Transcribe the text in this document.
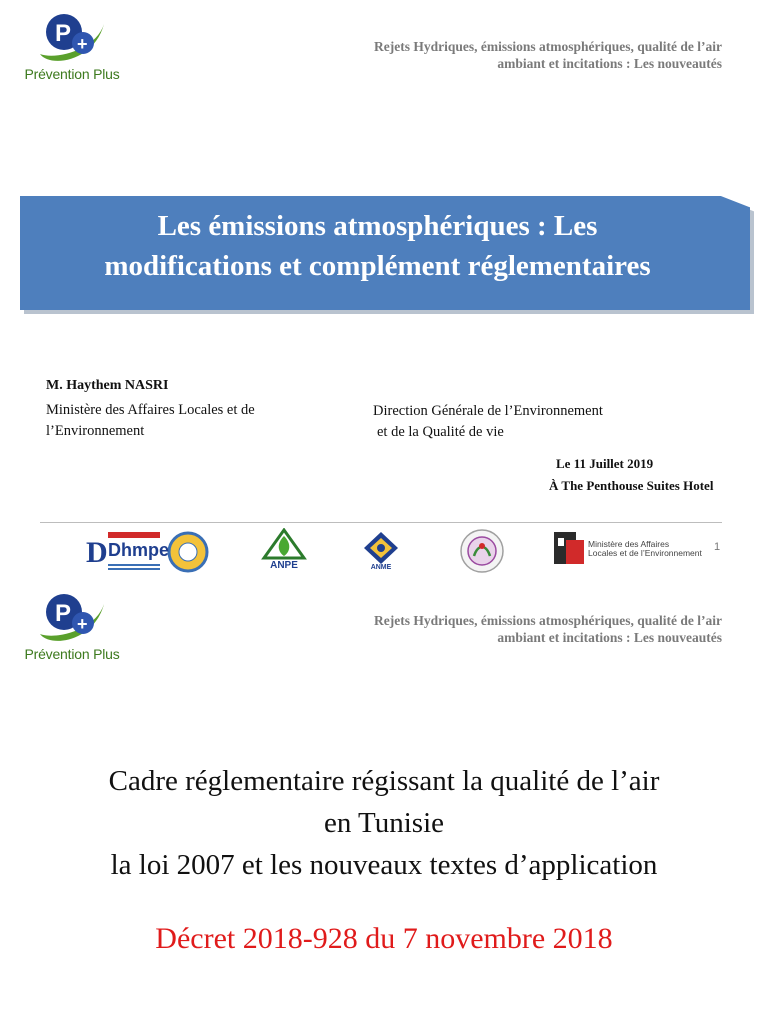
P +
Prévention Plus
Rejets Hydriques, émissions atmosphériques, qualité de l’air
ambiant et incitations : Les nouveautés
Les émissions atmosphériques : Les
modifications et complément réglementaires
M. Haythem NASRI
Ministère des Affaires Locales et de
l’Environnement
Direction Générale de l’Environnement
et de la Qualité de vie
Le 11 Juillet 2019
À The Penthouse Suites Hotel
D Dhmpe
ANPE	ANME
Ministère des Affaires
Locales et de l’Environnement 1
P +
Prévention Plus
Rejets Hydriques, émissions atmosphériques, qualité de l’air
ambiant et incitations : Les nouveautés
Cadre réglementaire régissant la qualité de l’air
en Tunisie
la loi 2007 et les nouveaux textes d’application
Décret 2018-928 du 7 novembre 2018
